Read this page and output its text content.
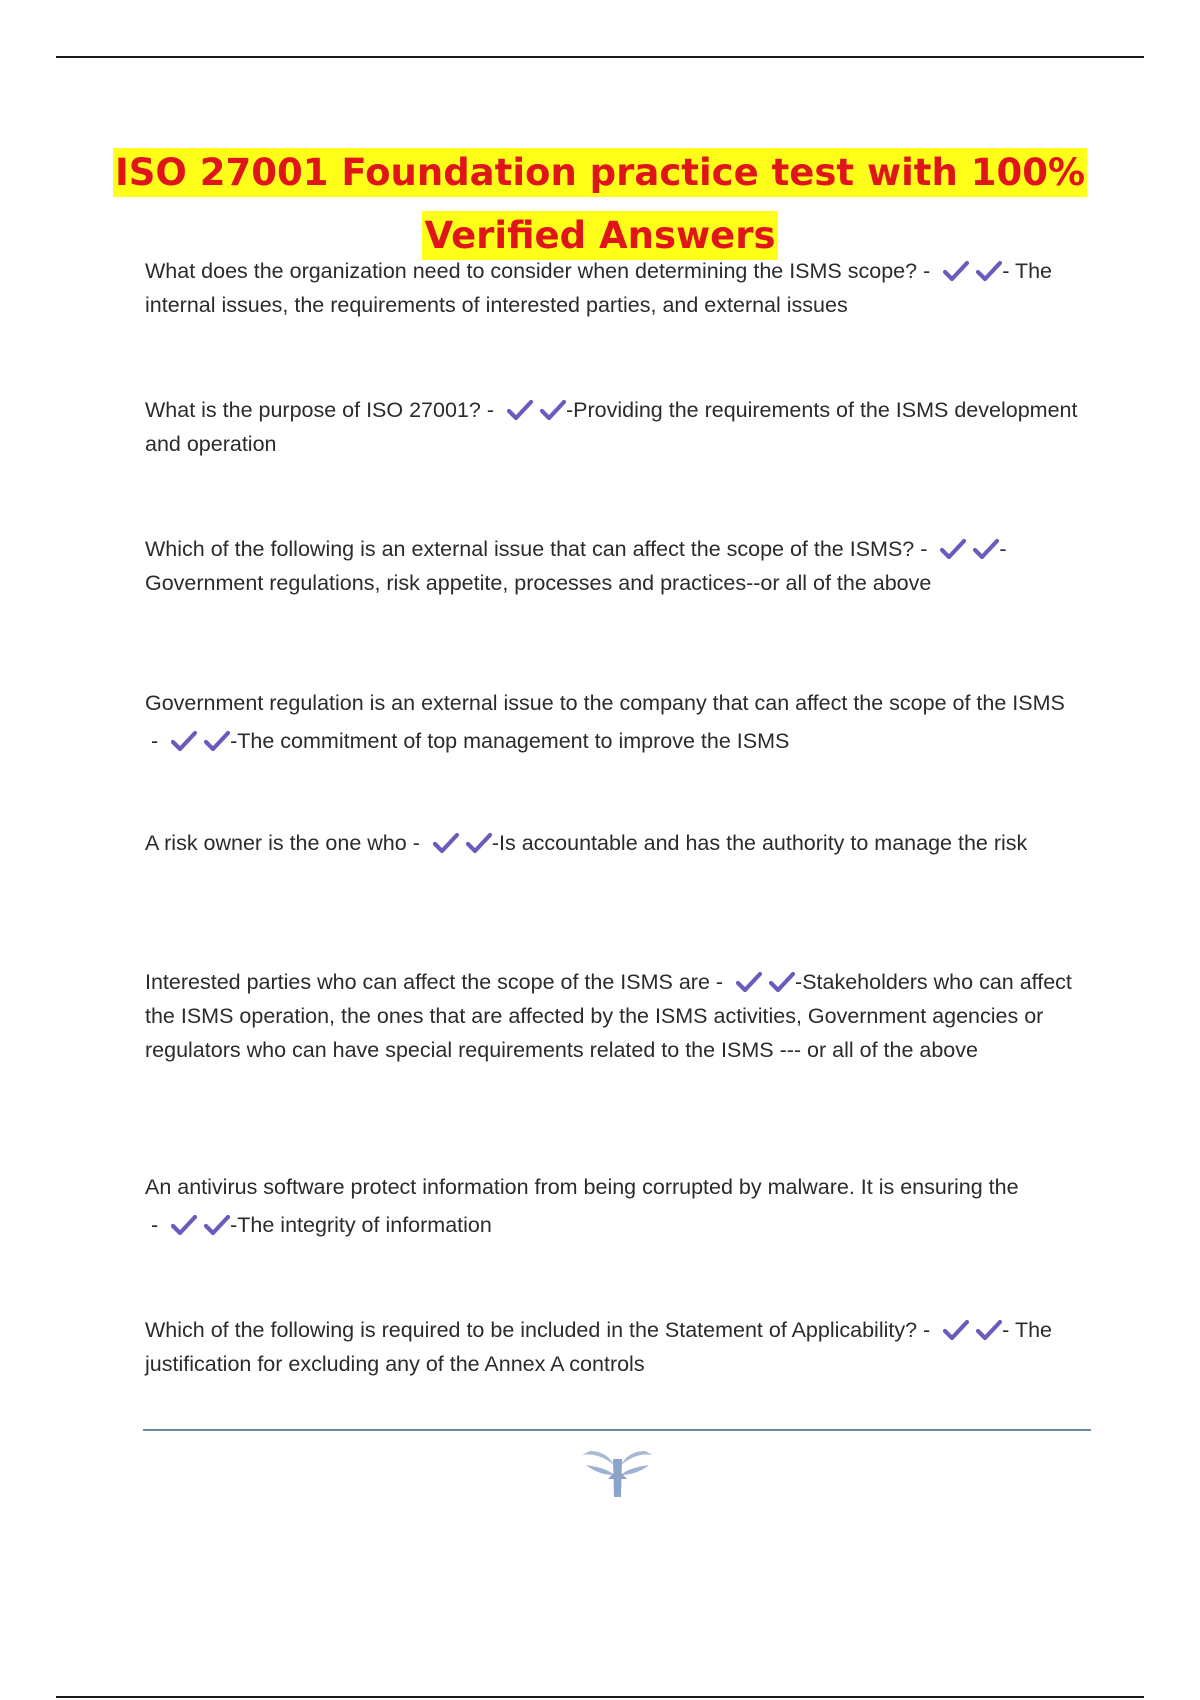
ISO 27001 Foundation practice test with 100% Verified Answers

What does the organization need to consider when determining the ISMS scope? -	- The internal issues, the requirements of interested parties, and external issues

What is the purpose of ISO 27001? -	-Providing the requirements of the ISMS development and operation

Which of the following is an external issue that can affect the scope of the ISMS? -	- Government regulations, risk appetite, processes and practices--or all of the above

Government regulation is an external issue to the company that can affect the scope of the ISMS -	-The commitment of top management to improve the ISMS

A risk owner is the one who -	-Is accountable and has the authority to manage the risk

Interested parties who can affect the scope of the ISMS are -	-Stakeholders who can affect the ISMS operation, the ones that are affected by the ISMS activities, Government agencies or regulators who can have special requirements related to the ISMS --- or all of the above

An antivirus software protect information from being corrupted by malware. It is ensuring the -	-The integrity of information

Which of the following is required to be included in the Statement of Applicability? -	- The justification for excluding any of the Annex A controls
